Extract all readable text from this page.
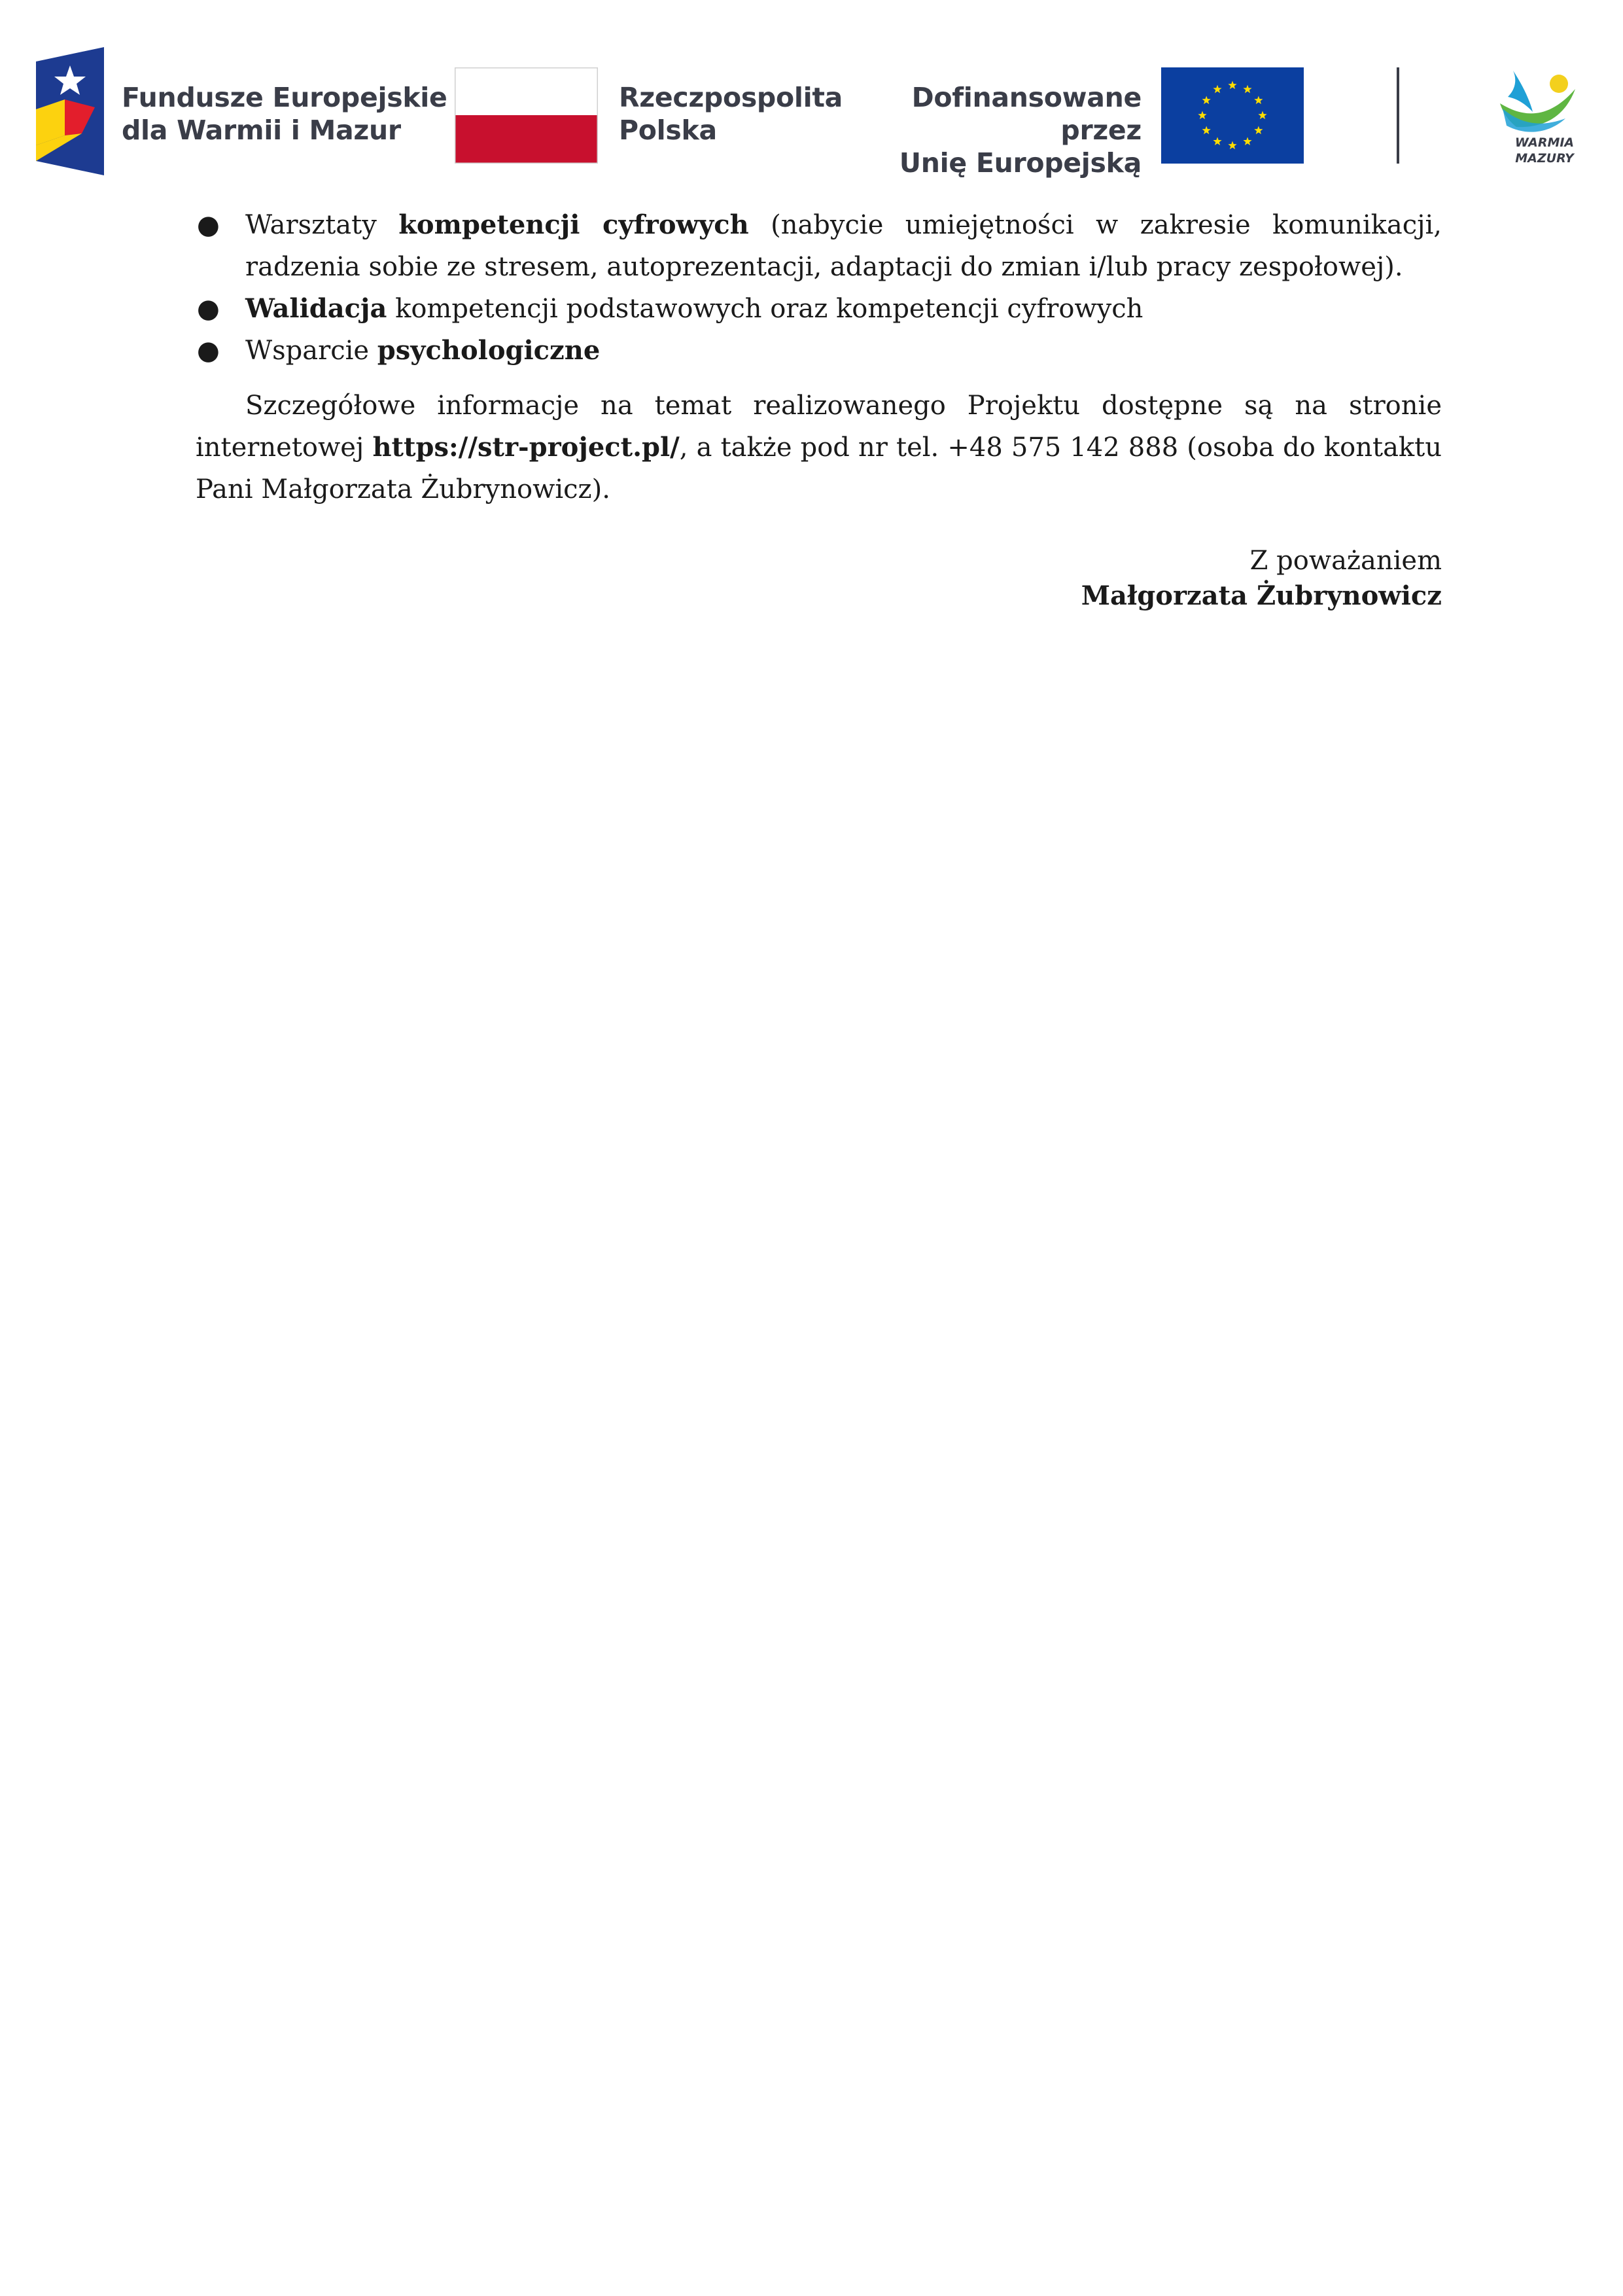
Fundusze Europejskie
dla Warmii i Mazur
Rzeczpospolita
Polska
Dofinansowane przez
Unię Europejską
WARMIA
MAZURY
● Warsztaty kompetencji cyfrowych (nabycie umiejętności w zakresie komunikacji, radzenia sobie ze stresem, autoprezentacji, adaptacji do zmian i/lub pracy zespołowej).
● Walidacja kompetencji podstawowych oraz kompetencji cyfrowych
● Wsparcie psychologiczne

Szczegółowe informacje na temat realizowanego Projektu dostępne są na stronie internetowej https://str-project.pl/, a także pod nr tel. +48 575 142 888 (osoba do kontaktu Pani Małgorzata Żubrynowicz).

Z poważaniem
Małgorzata Żubrynowicz
